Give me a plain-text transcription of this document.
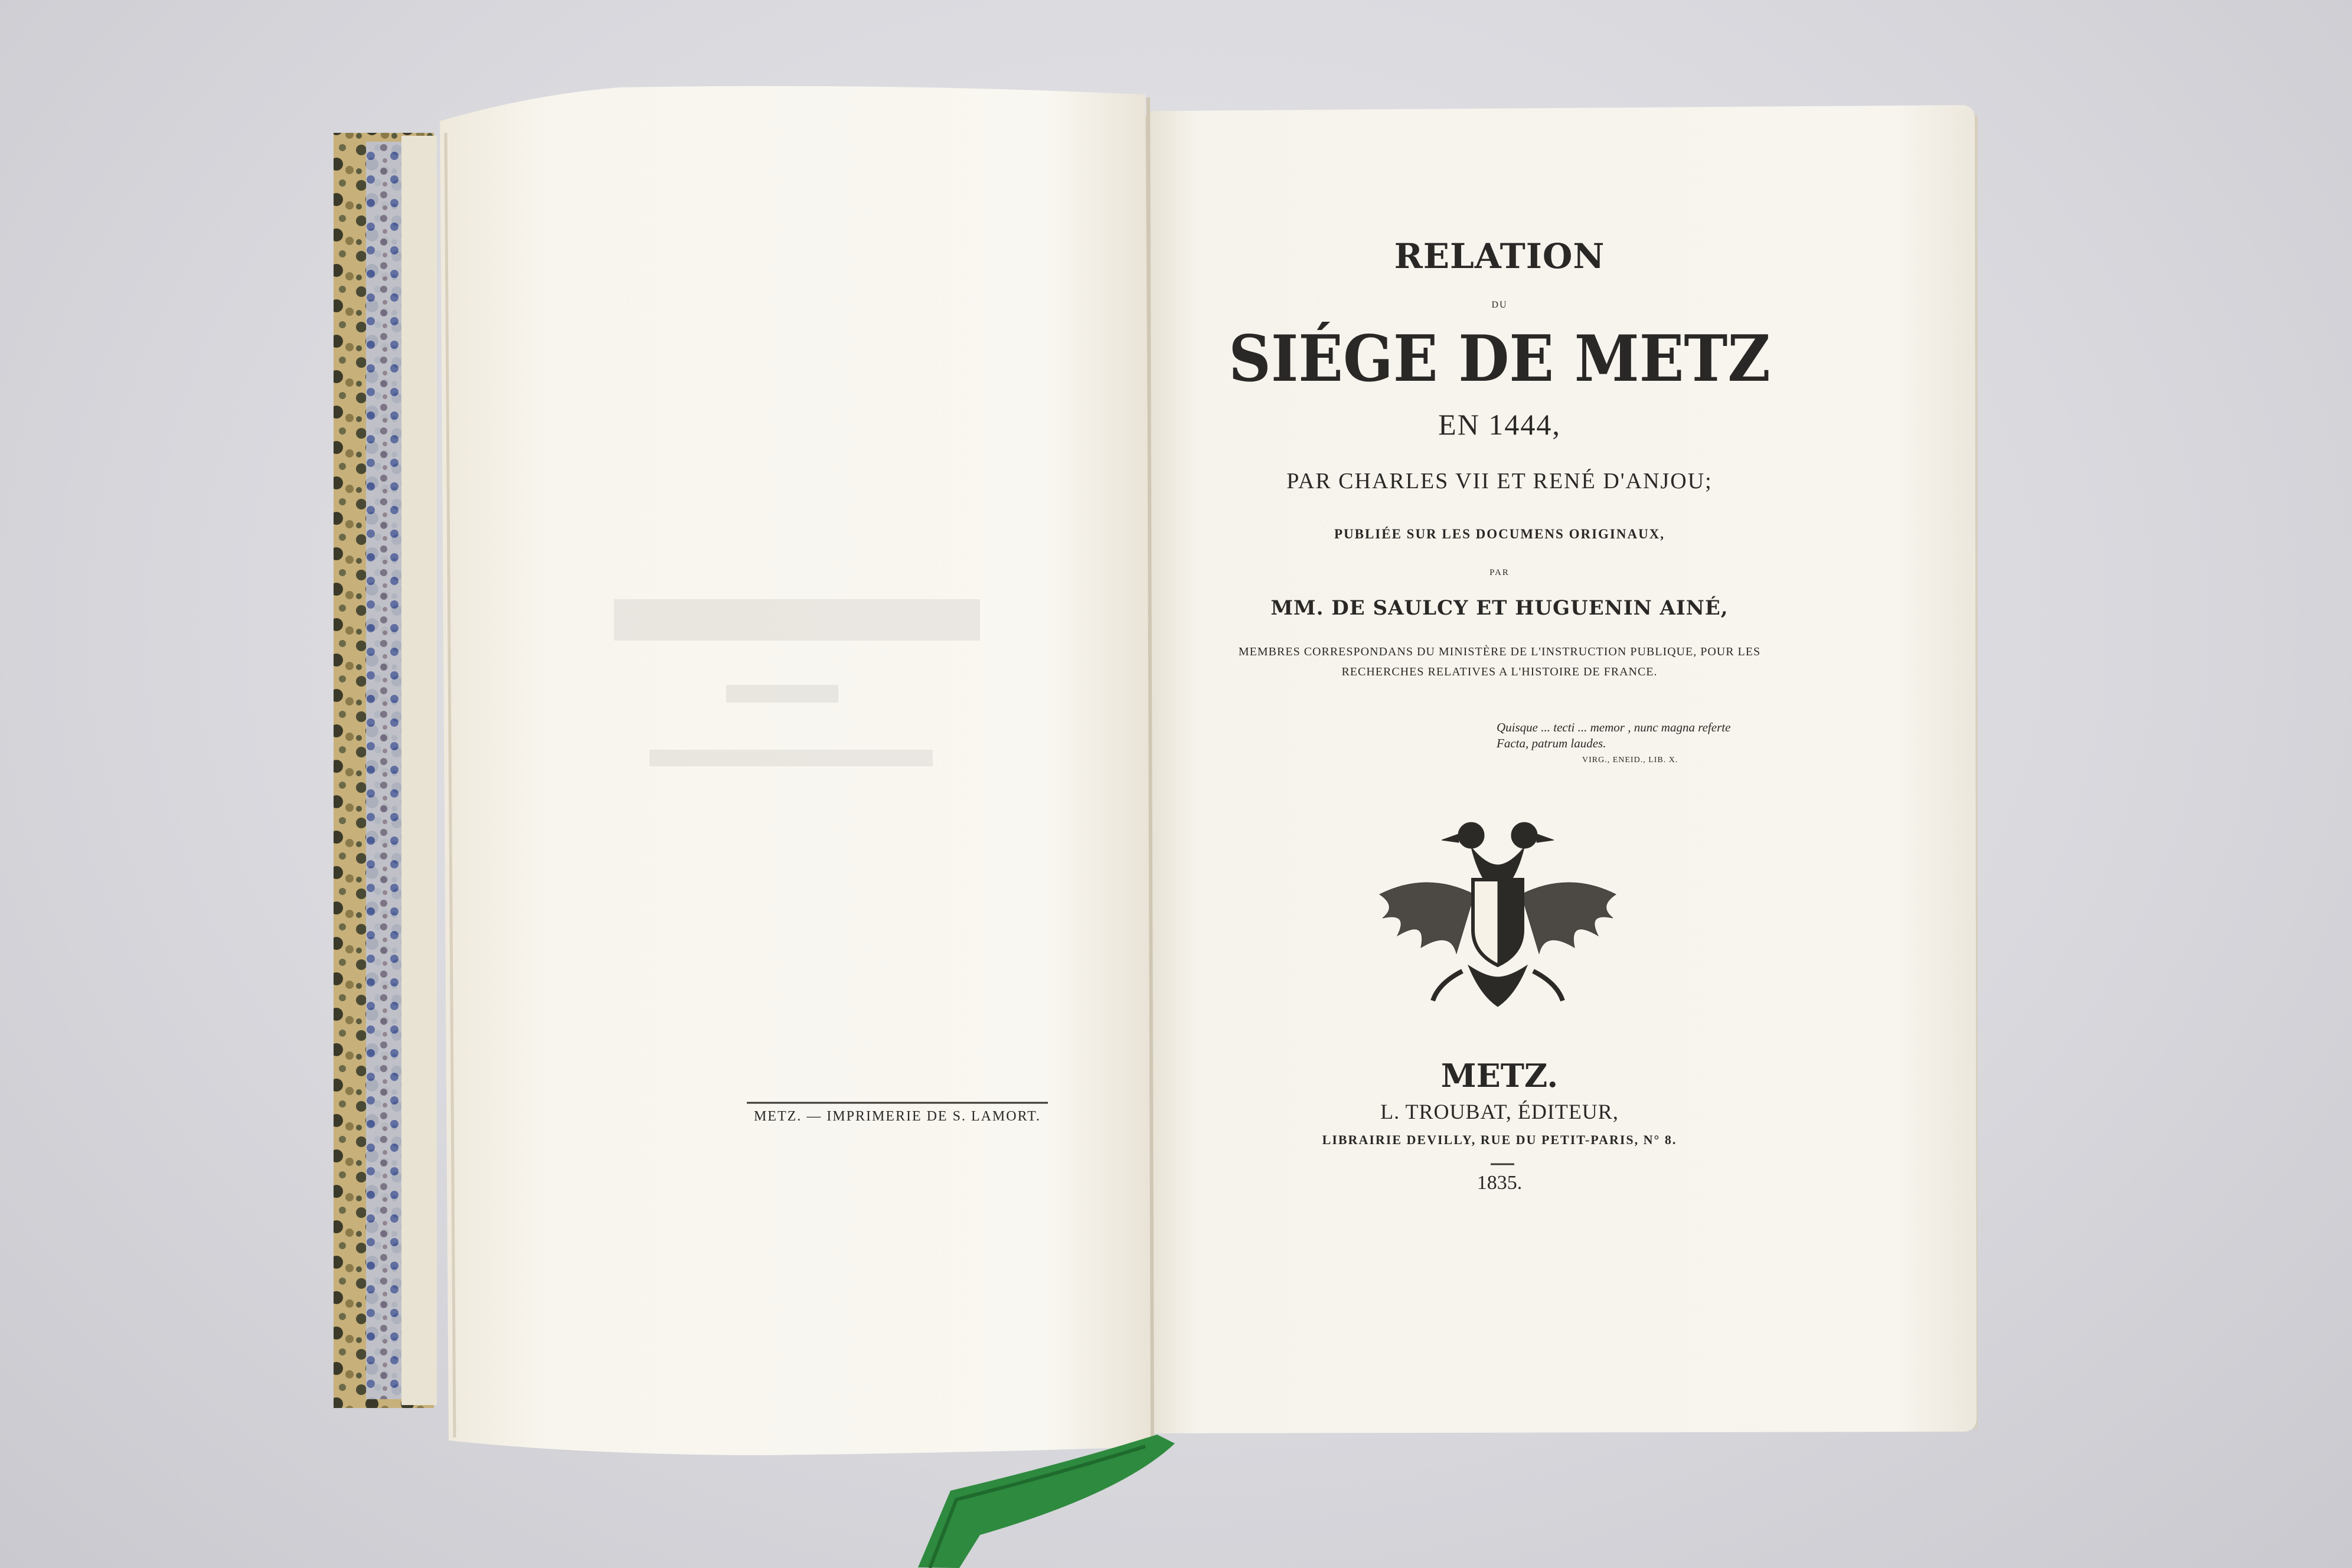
METZ. — IMPRIMERIE DE S. LAMORT.
RELATION
DU
SIÉGE DE METZ
EN 1444,
PAR CHARLES VII ET RENÉ D'ANJOU;
PUBLIÉE SUR LES DOCUMENS ORIGINAUX,
PAR
MM. DE SAULCY ET HUGUENIN AINÉ,
MEMBRES CORRESPONDANS DU MINISTÈRE DE L'INSTRUCTION PUBLIQUE, POUR LES
RECHERCHES RELATIVES A L'HISTOIRE DE FRANCE.
Quisque ... tecti ... memor , nunc magna referte
Facta, patrum laudes.
VIRG., ENEID., LIB. X.
METZ.
L. TROUBAT, ÉDITEUR,
LIBRAIRIE DEVILLY, RUE DU PETIT-PARIS, N° 8.
1835.
